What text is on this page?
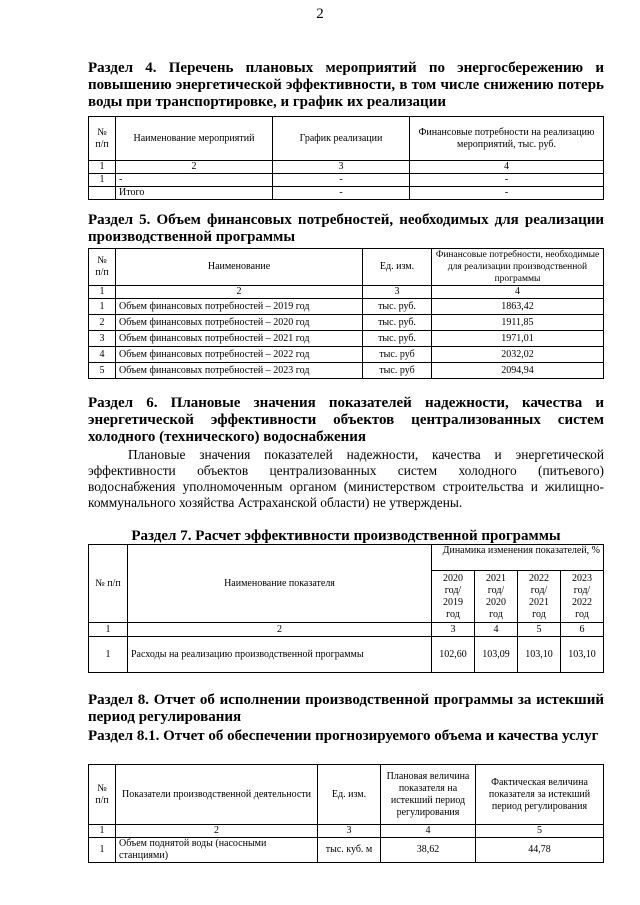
2
Раздел 4. Перечень плановых мероприятий по энергосбережению и повышению энергетической эффективности, в том числе снижению потерь воды при транспортировке, и график их реализации
№ п/п	Наименование мероприятий	График реализации	Финансовые потребности на реализацию мероприятий, тыс. руб.
1	2	3	4
1	-	-	-
	Итого	-	-
Раздел 5. Объем финансовых потребностей, необходимых для реализации производственной программы
№ п/п	Наименование	Ед. изм.	Финансовые потребности, необходимые для реализации производственной программы
1	2	3	4
1	Объем финансовых потребностей – 2019 год	тыс. руб.	1863,42
2	Объем финансовых потребностей – 2020 год	тыс. руб.	1911,85
3	Объем финансовых потребностей – 2021 год	тыс. руб.	1971,01
4	Объем финансовых потребностей – 2022 год	тыс. руб	2032,02
5	Объем финансовых потребностей – 2023 год	тыс. руб	2094,94
Раздел 6. Плановые значения показателей надежности, качества и энергетической эффективности объектов централизованных систем холодного (технического) водоснабжения
Плановые значения показателей надежности, качества и энергетической эффективности объектов централизованных систем холодного (питьевого) водоснабжения уполномоченным органом (министерством строительства и жилищно- коммунального хозяйства Астраханской области) не утверждены.
Раздел 7. Расчет эффективности производственной программы
№ п/п	Наименование показателя	Динамика изменения показателей, %			
		2020 год/ 2019 год	2021 год/ 2020 год	2022 год/ 2021 год	2023 год/ 2022 год
1	2	3	4	5	6
1	Расходы на реализацию производственной программы	102,60	103,09	103,10	103,10
Раздел 8. Отчет об исполнении производственной программы за истекший период регулирования
Раздел 8.1. Отчет об обеспечении прогнозируемого объема и качества услуг
№ п/п	Показатели производственной деятельности	Ед. изм.	Плановая величина показателя на истекший период регулирования	Фактическая величина показателя за истекший период регулирования
1	2	3	4	5
1	Объем поднятой воды (насосными станциями)	тыс. куб. м	38,62	44,78
